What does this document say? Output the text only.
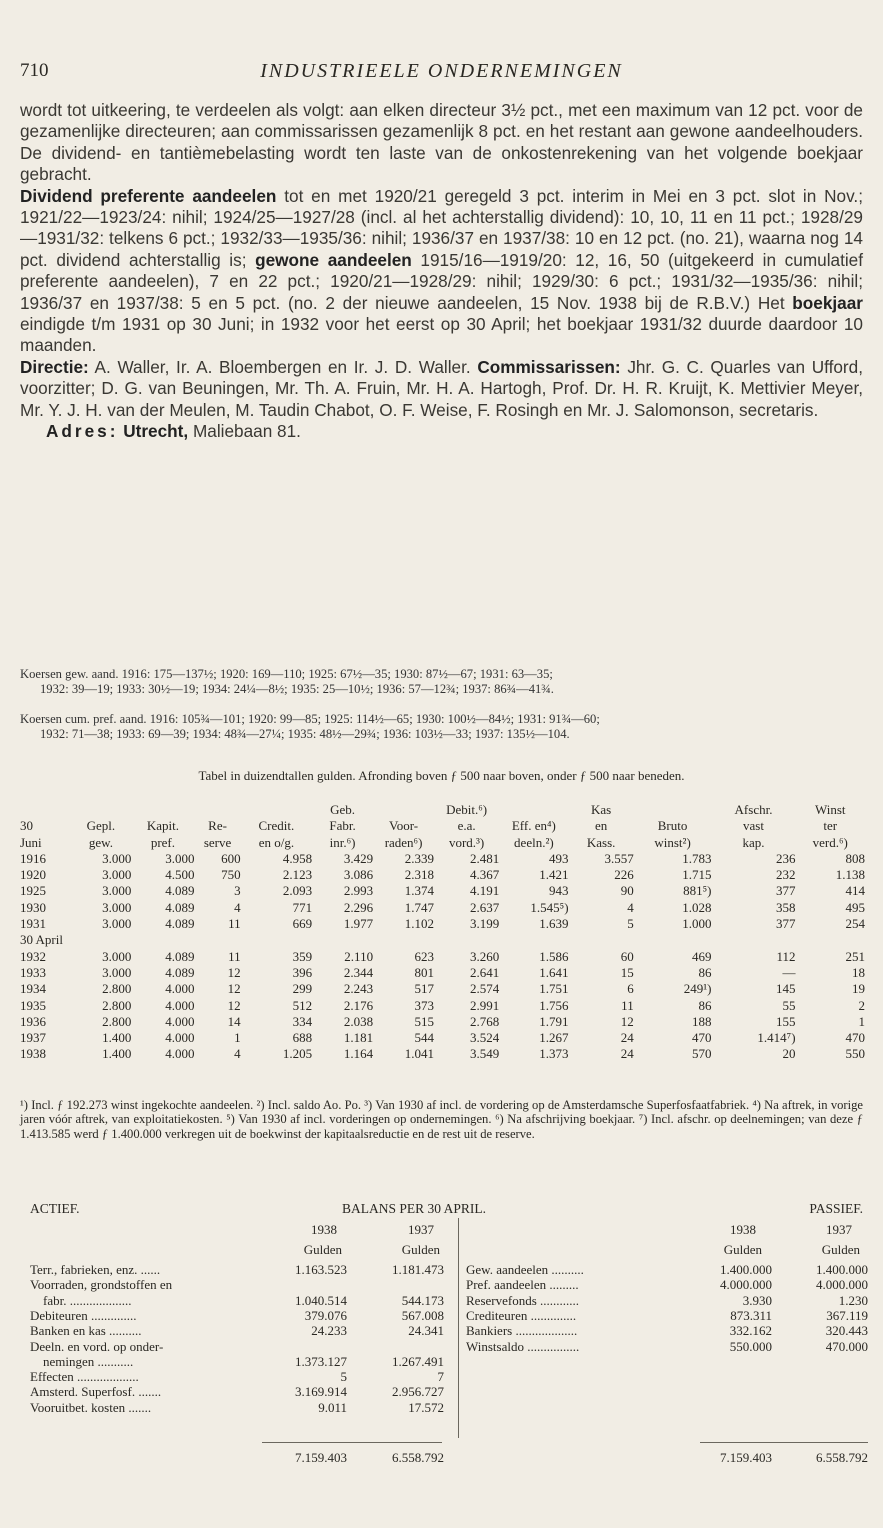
710	INDUSTRIEELE ONDERNEMINGEN

wordt tot uitkeering, te verdeelen als volgt: aan elken directeur 3½ pct., met een maximum van 12 pct. voor de gezamenlijke directeuren; aan commissarissen gezamenlijk 8 pct. en het restant aan gewone aandeelhouders. De dividend- en tantièmebelasting wordt ten laste van de onkostenrekening van het volgende boekjaar gebracht.

Dividend preferente aandeelen tot en met 1920/21 geregeld 3 pct. interim in Mei en 3 pct. slot in Nov.; 1921/22—1923/24: nihil; 1924/25—1927/28 (incl. al het achterstallig dividend): 10, 10, 11 en 11 pct.; 1928/29—1931/32: telkens 6 pct.; 1932/33—1935/36: nihil; 1936/37 en 1937/38: 10 en 12 pct. (no. 21), waarna nog 14 pct. dividend achterstallig is; gewone aandeelen 1915/16—1919/20: 12, 16, 50 (uitgekeerd in cumulatief preferente aandeelen), 7 en 22 pct.; 1920/21—1928/29: nihil; 1929/30: 6 pct.; 1931/32—1935/36: nihil; 1936/37 en 1937/38: 5 en 5 pct. (no. 2 der nieuwe aandeelen, 15 Nov. 1938 bij de R.B.V.) Het boekjaar eindigde t/m 1931 op 30 Juni; in 1932 voor het eerst op 30 April; het boekjaar 1931/32 duurde daardoor 10 maanden.

Directie: A. Waller, Ir. A. Bloembergen en Ir. J. D. Waller. Commissarissen: Jhr. G. C. Quarles van Ufford, voorzitter; D. G. van Beuningen, Mr. Th. A. Fruin, Mr. H. A. Hartogh, Prof. Dr. H. R. Kruijt, K. Mettivier Meyer, Mr. Y. J. H. van der Meulen, M. Taudin Chabot, O. F. Weise, F. Rosingh en Mr. J. Salomonson, secretaris.

Adres: Utrecht, Maliebaan 81.

Koersen gew. aand. 1916: 175—137½; 1920: 169—110; 1925: 67½—35; 1930: 87½—67; 1931: 63—35;
1932: 39—19; 1933: 30½—19; 1934: 24¼—8½; 1935: 25—10½; 1936: 57—12¾; 1937: 86¾—41¾.
Koersen cum. pref. aand. 1916: 105¾—101; 1920: 99—85; 1925: 114½—65; 1930: 100½—84½; 1931: 91¾—60;
1932: 71—38; 1933: 69—39; 1934: 48¾—27¼; 1935: 48½—29¾; 1936: 103½—33; 1937: 135½—104.
Tabel in duizendtallen gulden. Afronding boven ƒ 500 naar boven, onder ƒ 500 naar beneden.
					Geb.		Debit.⁶)		Kas		Afschr.	Winst
30	Gepl.	Kapit.	Re-	Credit.	Fabr.	Voor-	e.a.	Eff. en⁴)	en	Bruto	vast	ter
Juni	gew.	pref.	serve	en o/g.	inr.⁶)	raden⁶)	vord.³)	deeln.²)	Kass.	winst²)	kap.	verd.⁶)
1916	3.000	3.000	600	4.958	3.429	2.339	2.481	493	3.557	1.783	236	808
1920	3.000	4.500	750	2.123	3.086	2.318	4.367	1.421	226	1.715	232	1.138
1925	3.000	4.089	3	2.093	2.993	1.374	4.191	943	90	881⁵)	377	414
1930	3.000	4.089	4	771	2.296	1.747	2.637	1.545⁵)	4	1.028	358	495
1931	3.000	4.089	11	669	1.977	1.102	3.199	1.639	5	1.000	377	254
30 April												
1932	3.000	4.089	11	359	2.110	623	3.260	1.586	60	469	112	251
1933	3.000	4.089	12	396	2.344	801	2.641	1.641	15	86	—	18
1934	2.800	4.000	12	299	2.243	517	2.574	1.751	6	249¹)	145	19
1935	2.800	4.000	12	512	2.176	373	2.991	1.756	11	86	55	2
1936	2.800	4.000	14	334	2.038	515	2.768	1.791	12	188	155	1
1937	1.400	4.000	1	688	1.181	544	3.524	1.267	24	470	1.414⁷)	470
1938	1.400	4.000	4	1.205	1.164	1.041	3.549	1.373	24	570	20	550
¹) Incl. ƒ 192.273 winst ingekochte aandeelen. ²) Incl. saldo Ao. Po. ³) Van 1930 af incl. de vordering op de Amsterdamsche Superfosfaatfabriek. ⁴) Na aftrek, in vorige jaren vóór aftrek, van exploitatiekosten. ⁵) Van 1930 af incl. vorderingen op ondernemingen. ⁶) Na afschrijving boekjaar. ⁷) Incl. afschr. op deelnemingen; van deze ƒ 1.413.585 werd ƒ 1.400.000 verkregen uit de boekwinst der kapitaalsreductie en de rest uit de reserve.
ACTIEF.	BALANS PER 30 APRIL.	PASSIEF.
1938	1937
Gulden	Gulden
Terr., fabrieken, enz. ......	1.163.523	1.181.473
Voorraden, grondstoffen en
fabr. ...................	1.040.514	544.173
Debiteuren ..............	379.076	567.008
Banken en kas ..........	24.233	24.341
Deeln. en vord. op onder-
nemingen ...........	1.373.127	1.267.491
Effecten ...................	5	7
Amsterd. Superfosf. .......	3.169.914	2.956.727
Vooruitbet. kosten .......	9.011	17.572
1938	1937
Gulden	Gulden
Gew. aandeelen ..........	1.400.000	1.400.000
Pref. aandeelen .........	4.000.000	4.000.000
Reservefonds ............	3.930	1.230
Crediteuren ..............	873.311	367.119
Bankiers ...................	332.162	320.443
Winstsaldo ................	550.000	470.000
7.159.403	6.558.792	7.159.403	6.558.792
